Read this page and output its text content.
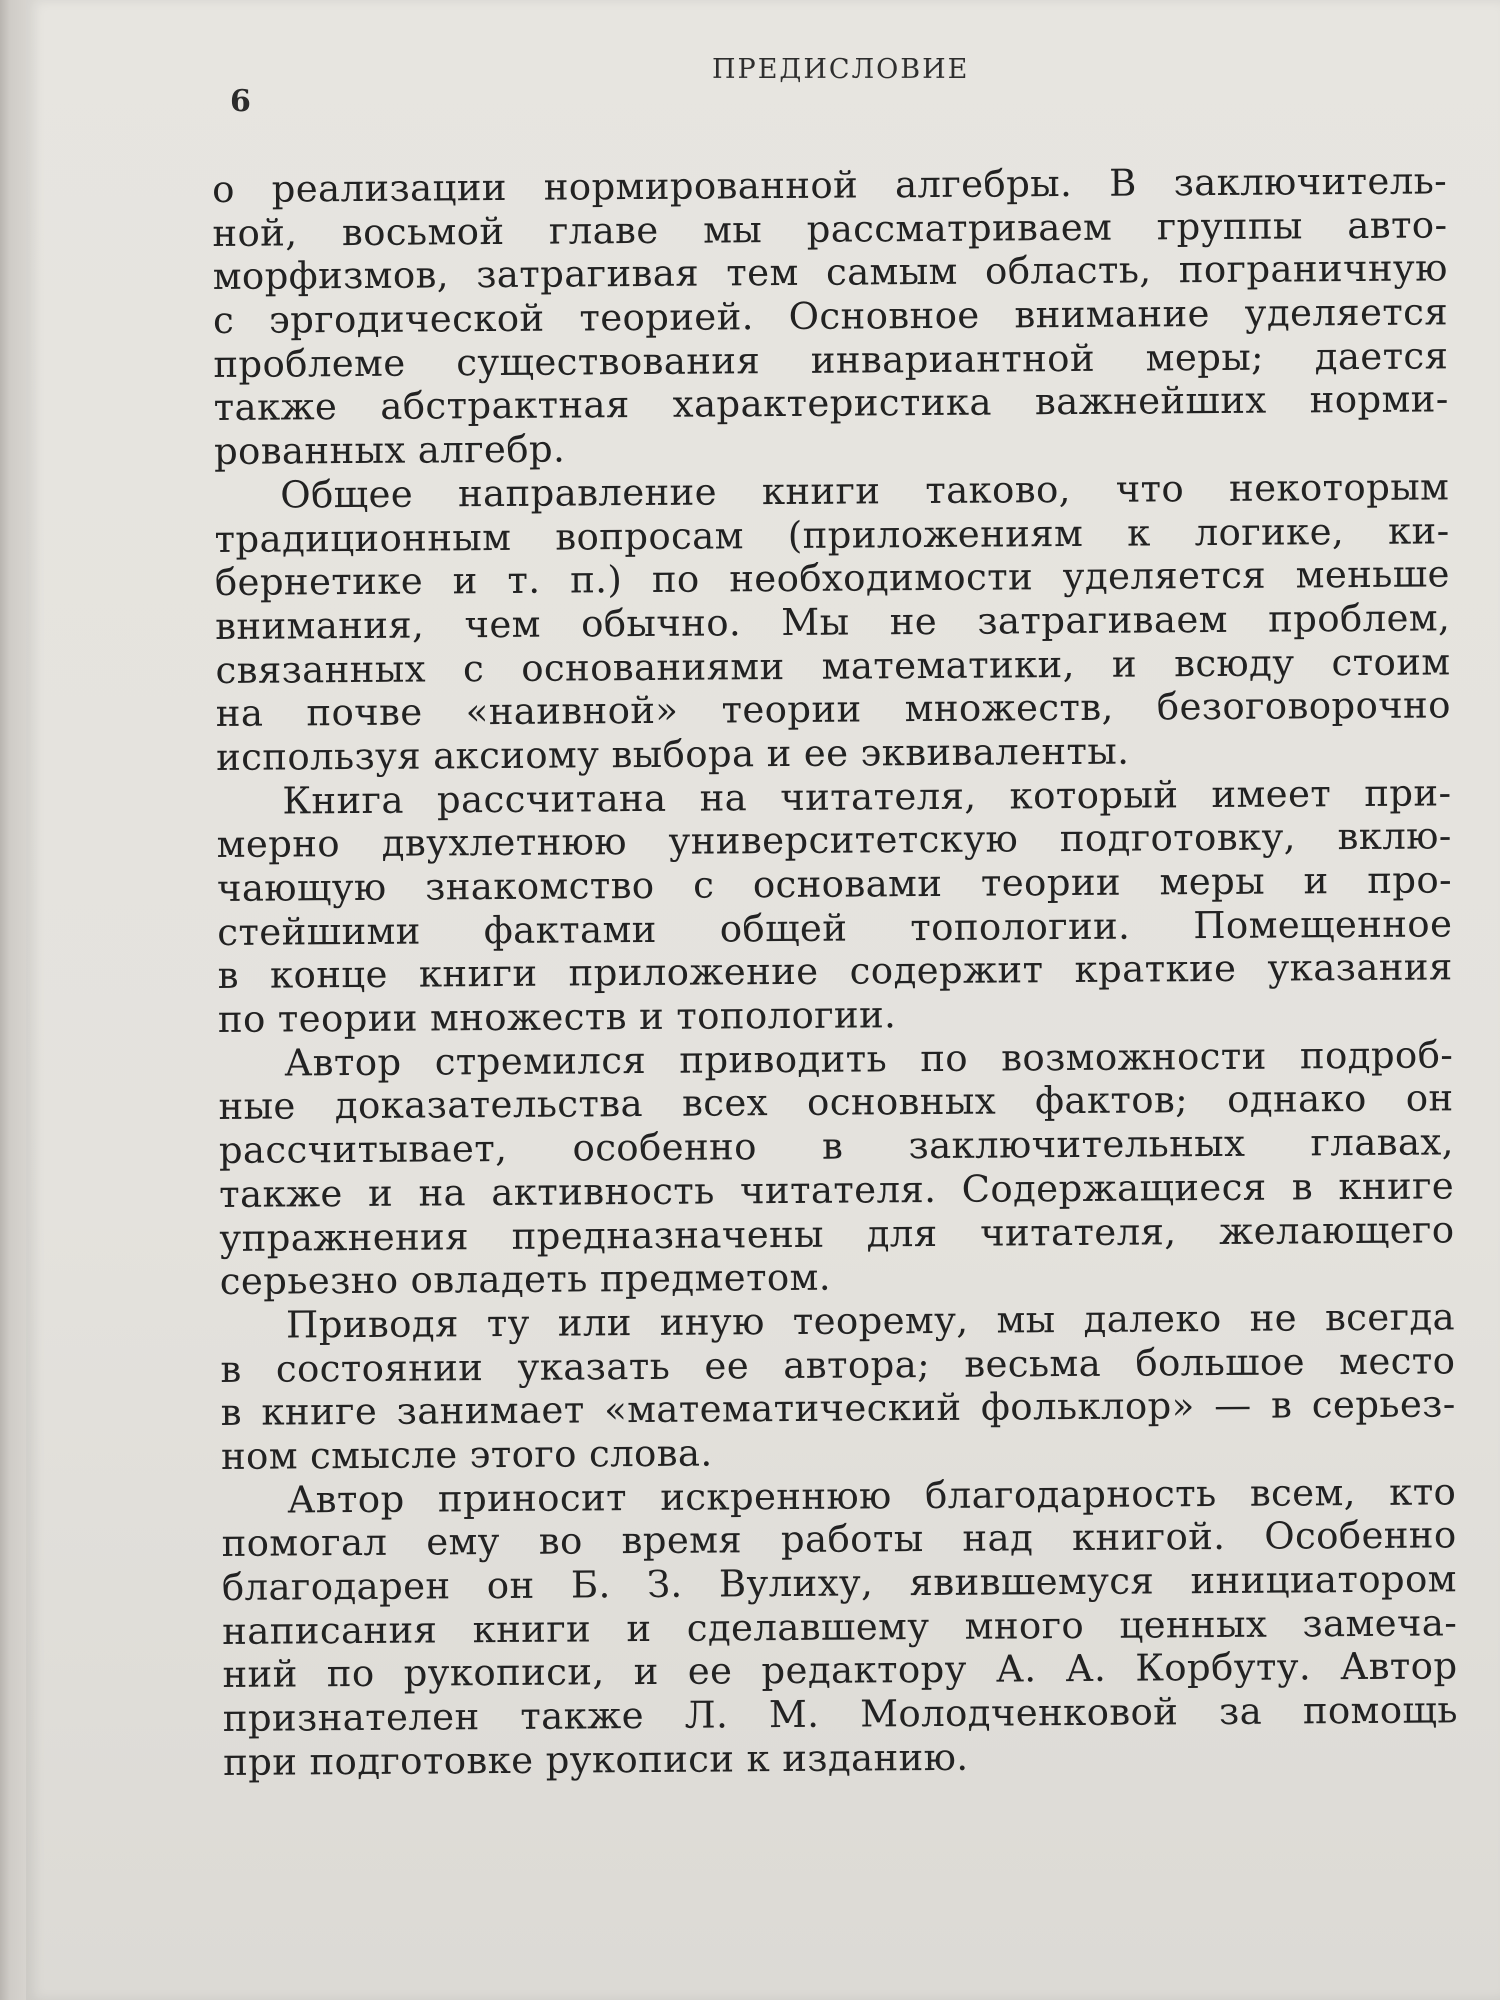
6

ПРЕДИСЛОВИЕ

о реализации нормированной алгебры. В заключитель-
ной, восьмой главе мы рассматриваем группы авто-
морфизмов, затрагивая тем самым область, пограничную
с эргодической теорией. Основное внимание уделяется
проблеме существования инвариантной меры; дается
также абстрактная характеристика важнейших норми-
рованных алгебр.
Общее направление книги таково, что некоторым
традиционным вопросам (приложениям к логике, ки-
бернетике и т. п.) по необходимости уделяется меньше
внимания, чем обычно. Мы не затрагиваем проблем,
связанных с основаниями математики, и всюду стоим
на почве «наивной» теории множеств, безоговорочно
используя аксиому выбора и ее эквиваленты.
Книга рассчитана на читателя, который имеет при-
мерно двухлетнюю университетскую подготовку, вклю-
чающую знакомство с основами теории меры и про-
стейшими фактами общей топологии. Помещенное
в конце книги приложение содержит краткие указания
по теории множеств и топологии.
Автор стремился приводить по возможности подроб-
ные доказательства всех основных фактов; однако он
рассчитывает, особенно в заключительных главах,
также и на активность читателя. Содержащиеся в книге
упражнения предназначены для читателя, желающего
серьезно овладеть предметом.
Приводя ту или иную теорему, мы далеко не всегда
в состоянии указать ее автора; весьма большое место
в книге занимает «математический фольклор» — в серьез-
ном смысле этого слова.
Автор приносит искреннюю благодарность всем, кто
помогал ему во время работы над книгой. Особенно
благодарен он Б. З. Вулиху, явившемуся инициатором
написания книги и сделавшему много ценных замеча-
ний по рукописи, и ее редактору А. А. Корбуту. Автор
признателен также Л. М. Молодченковой за помощь
при подготовке рукописи к изданию.
